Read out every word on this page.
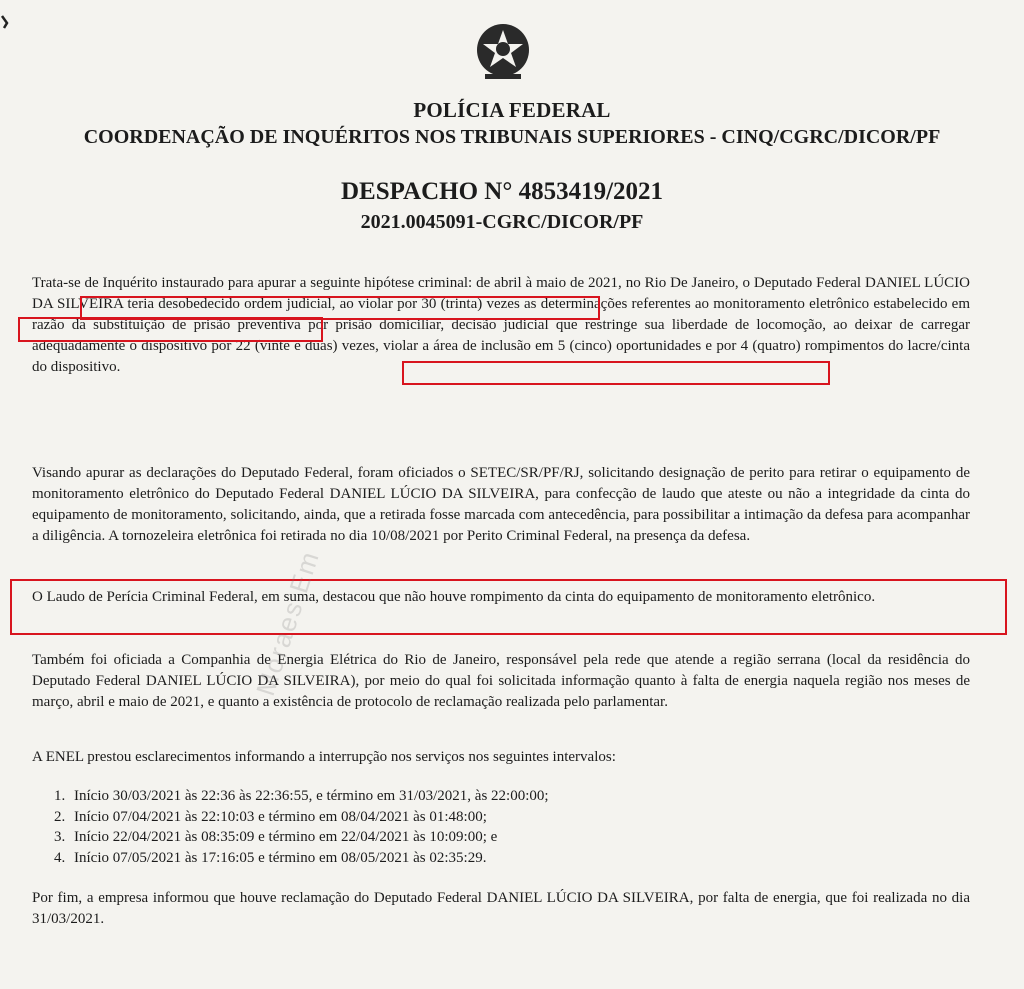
POLÍCIA FEDERAL
COORDENAÇÃO DE INQUÉRITOS NOS TRIBUNAIS SUPERIORES - CINQ/CGRC/DICOR/PF
DESPACHO N° 4853419/2021
2021.0045091-CGRC/DICOR/PF
Trata-se de Inquérito instaurado para apurar a seguinte hipótese criminal: de abril à maio de 2021, no Rio De Janeiro, o Deputado Federal DANIEL LÚCIO DA SILVEIRA teria desobedecido ordem judicial, ao violar por 30 (trinta) vezes as determinações referentes ao monitoramento eletrônico estabelecido em razão da substituição de prisão preventiva por prisão domiciliar, decisão judicial que restringe sua liberdade de locomoção, ao deixar de carregar adequadamente o dispositivo por 22 (vinte e duas) vezes, violar a área de inclusão em 5 (cinco) oportunidades e por 4 (quatro) rompimentos do lacre/cinta do dispositivo.
Visando apurar as declarações do Deputado Federal, foram oficiados o SETEC/SR/PF/RJ, solicitando designação de perito para retirar o equipamento de monitoramento eletrônico do Deputado Federal DANIEL LÚCIO DA SILVEIRA, para confecção de laudo que ateste ou não a integridade da cinta do equipamento de monitoramento, solicitando, ainda, que a retirada fosse marcada com antecedência, para possibilitar a intimação da defesa para acompanhar a diligência. A tornozeleira eletrônica foi retirada no dia 10/08/2021 por Perito Criminal Federal, na presença da defesa.
O Laudo de Perícia Criminal Federal, em suma, destacou que não houve rompimento da cinta do equipamento de monitoramento eletrônico.
Também foi oficiada a Companhia de Energia Elétrica do Rio de Janeiro, responsável pela rede que atende a região serrana (local da residência do Deputado Federal DANIEL LÚCIO DA SILVEIRA), por meio do qual foi solicitada informação quanto à falta de energia naquela região nos meses de março, abril e maio de 2021, e quanto a existência de protocolo de reclamação realizada pelo parlamentar.
A ENEL prestou esclarecimentos informando a interrupção nos serviços nos seguintes intervalos:
1. Início 30/03/2021 às 22:36 às 22:36:55, e término em 31/03/2021, às 22:00:00;
2. Início 07/04/2021 às 22:10:03 e término em 08/04/2021 às 01:48:00;
3. Início 22/04/2021 às 08:35:09 e término em 22/04/2021 às 10:09:00; e
4. Início 07/05/2021 às 17:16:05 e término em 08/05/2021 às 02:35:29.
Por fim, a empresa informou que houve reclamação do Deputado Federal DANIEL LÚCIO DA SILVEIRA, por falta de energia, que foi realizada no dia 31/03/2021.
Moraes Em
